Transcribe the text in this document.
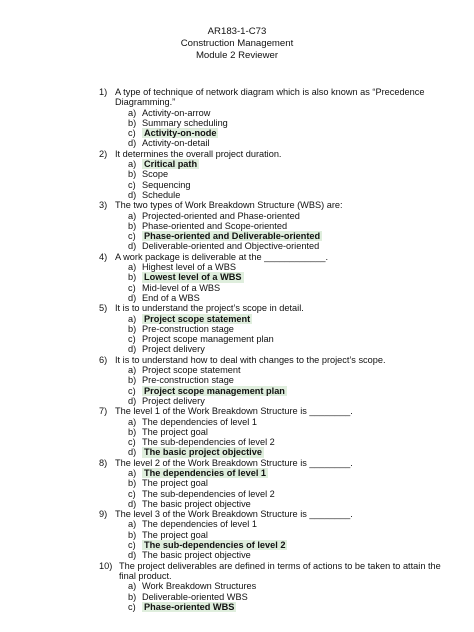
AR183-1-C73
Construction Management
Module 2 Reviewer
1) A type of technique of network diagram which is also known as “Precedence Diagramming.”
a) Activity-on-arrow
b) Summary scheduling
c) Activity-on-node
d) Activity-on-detail
2) It determines the overall project duration.
a) Critical path
b) Scope
c) Sequencing
d) Schedule
3) The two types of Work Breakdown Structure (WBS) are:
a) Projected-oriented and Phase-oriented
b) Phase-oriented and Scope-oriented
c) Phase-oriented and Deliverable-oriented
d) Deliverable-oriented and Objective-oriented
4) A work package is deliverable at the ____________.
a) Highest level of a WBS
b) Lowest level of a WBS
c) Mid-level of a WBS
d) End of a WBS
5) It is to understand the project’s scope in detail.
a) Project scope statement
b) Pre-construction stage
c) Project scope management plan
d) Project delivery
6) It is to understand how to deal with changes to the project’s scope.
a) Project scope statement
b) Pre-construction stage
c) Project scope management plan
d) Project delivery
7) The level 1 of the Work Breakdown Structure is ________.
a) The dependencies of level 1
b) The project goal
c) The sub-dependencies of level 2
d) The basic project objective
8) The level 2 of the Work Breakdown Structure is ________.
a) The dependencies of level 1
b) The project goal
c) The sub-dependencies of level 2
d) The basic project objective
9) The level 3 of the Work Breakdown Structure is ________.
a) The dependencies of level 1
b) The project goal
c) The sub-dependencies of level 2
d) The basic project objective
10) The project deliverables are defined in terms of actions to be taken to attain the final product.
a) Work Breakdown Structures
b) Deliverable-oriented WBS
c) Phase-oriented WBS
